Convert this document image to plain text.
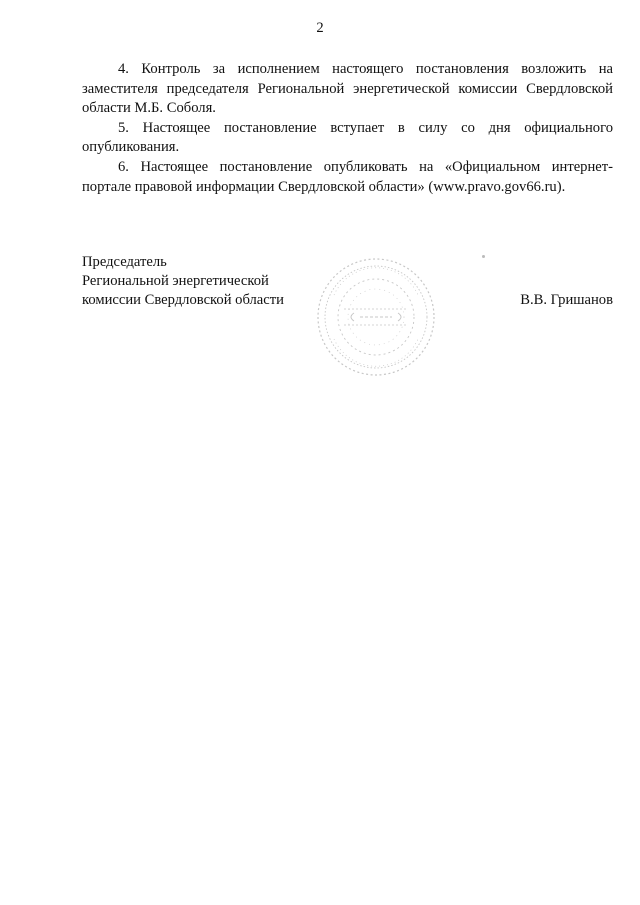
2

4. Контроль за исполнением настоящего постановления возложить на заместителя председателя Региональной энергетической комиссии Свердловской области М.Б. Соболя.

5. Настоящее постановление вступает в силу со дня официального опубликования.

6. Настоящее постановление опубликовать на «Официальном интернет-портале правовой информации Свердловской области» (www.pravo.gov66.ru).

Председатель
Региональной энергетической
комиссии Свердловской области	В.В. Гришанов
